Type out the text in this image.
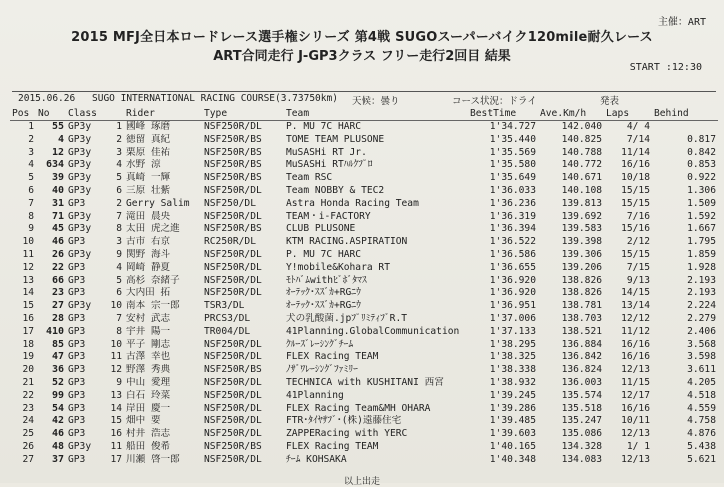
主催：ART
2015 MFJ全日本ロードレース選手権シリーズ 第4戦 SUGOスーパーバイク120mile耐久レース
ART合同走行 J-GP3クラス フリー走行2回目 結果
START :12:30
2015.06.26 SUGO INTERNATIONAL RACING COURSE(3.73750km) 天候：曇り	コース状況：ドライ	発表
Pos	No	Class		Rider	Type	Team	BestTime	Ave.Km/h	Laps	Behind
1	55	GP3y	1	國峰 琢磨	NSF250R/DL	P. MU 7C HARC	1'34.727	142.040	4/ 4	
2	4	GP3y	2	徳留 真紀	NSF250R/BS	TOME TEAM PLUSONE	1'35.440	140.825	7/14	0.817
3	12	GP3y	3	栗原 佳祐	NSF250R/BS	MuSASHi RT Jr.	1'35.569	140.788	11/14	0.842
4	634	GP3y	4	水野 涼	NSF250R/BS	MuSASHi RTﾊﾙｸﾌﾟﾛ	1'35.580	140.772	16/16	0.853
5	39	GP3y	5	真崎 一輝	NSF250R/BS	Team RSC	1'35.649	140.671	10/18	0.922
6	40	GP3y	6	三原 壮紫	NSF250R/DL	Team NOBBY & TEC2	1'36.033	140.108	15/15	1.306
7	31	GP3	2	Gerry Salim	NSF250/DL	Astra Honda Racing Team	1'36.236	139.813	15/15	1.509
8	71	GP3y	7	滝田 晨央	NSF250R/DL	TEAM・i-FACTORY	1'36.319	139.692	7/16	1.592
9	45	GP3y	8	太田 虎之進	NSF250R/BS	CLUB PLUSONE	1'36.394	139.583	15/16	1.667
10	46	GP3	3	古市 右京	RC250R/DL	KTM RACING.ASPIRATION	1'36.522	139.398	2/12	1.795
11	26	GP3y	9	関野 海斗	NSF250R/DL	P. MU 7C HARC	1'36.586	139.306	15/15	1.859
12	22	GP3	4	岡崎 静夏	NSF250R/DL	Y!mobile&Kohara RT	1'36.655	139.206	7/15	1.928
13	66	GP3	5	高杉 奈緒子	NSF250R/DL	ﾓﾄﾊﾞﾑwithﾋﾞﾎﾞﾀﾏｽ	1'36.920	138.826	9/13	2.193
14	23	GP3	6	大内田 拓	NSF250R/DL	ｵｰﾃｯｸ･ｽｽﾞｶ+RGﾆｳ	1'36.920	138.826	14/15	2.193
15	27	GP3y	10	南本 宗一郎	TSR3/DL	ｵｰﾃｯｸ･ｽｽﾞｶ+RGﾆｳ	1'36.951	138.781	13/14	2.224
16	28	GP3	7	安村 武志	PRCS3/DL	犬の乳酸菌.jpﾌﾟﾘﾐﾃｨﾌﾞR.T	1'37.006	138.703	12/12	2.279
17	410	GP3	8	宇井 陽一	TR004/DL	41Planning.GlobalCommunication	1'37.133	138.521	11/12	2.406
18	85	GP3	10	平子 剛志	NSF250R/DL	ｸﾙｰｽﾞﾚｰｼﾝｸﾞﾁｰﾑ	1'38.295	136.884	16/16	3.568
19	47	GP3	11	古澤 幸也	NSF250R/DL	FLEX Racing TEAM	1'38.325	136.842	16/16	3.598
20	36	GP3	12	野澤 秀典	NSF250R/BS	ﾉｻﾞﾜﾚｰｼﾝｸﾞﾌｧﾐﾘｰ	1'38.338	136.824	12/13	3.611
21	52	GP3	9	中山 愛理	NSF250R/DL	TECHNICA with KUSHITANI 西宮	1'38.932	136.003	11/15	4.205
22	99	GP3	13	白石 玲菜	NSF250R/DL	41Planning	1'39.245	135.574	12/17	4.518
23	54	GP3	14	岸田 慶一	NSF250R/DL	FLEX Racing Team&MH OHARA	1'39.286	135.518	16/16	4.559
24	42	GP3	15	畑中 要	NSF250R/DL	FTR･ﾀｲﾔｻﾌﾞ･(株)遠藤住宅	1'39.485	135.247	10/11	4.758
25	46	GP3	16	村井 浩志	NSF250R/DL	ZAPPERacing with YERC	1'39.603	135.086	12/13	4.876
26	48	GP3y	11	船田 俊希	NSF250R/BS	FLEX Racing TEAM	1'40.165	134.328	1/ 1	5.438
27	37	GP3	17	川瀬 啓一郎	NSF250R/DL	ﾁｰﾑ KOHSAKA	1'40.348	134.083	12/13	5.621
以上出走
